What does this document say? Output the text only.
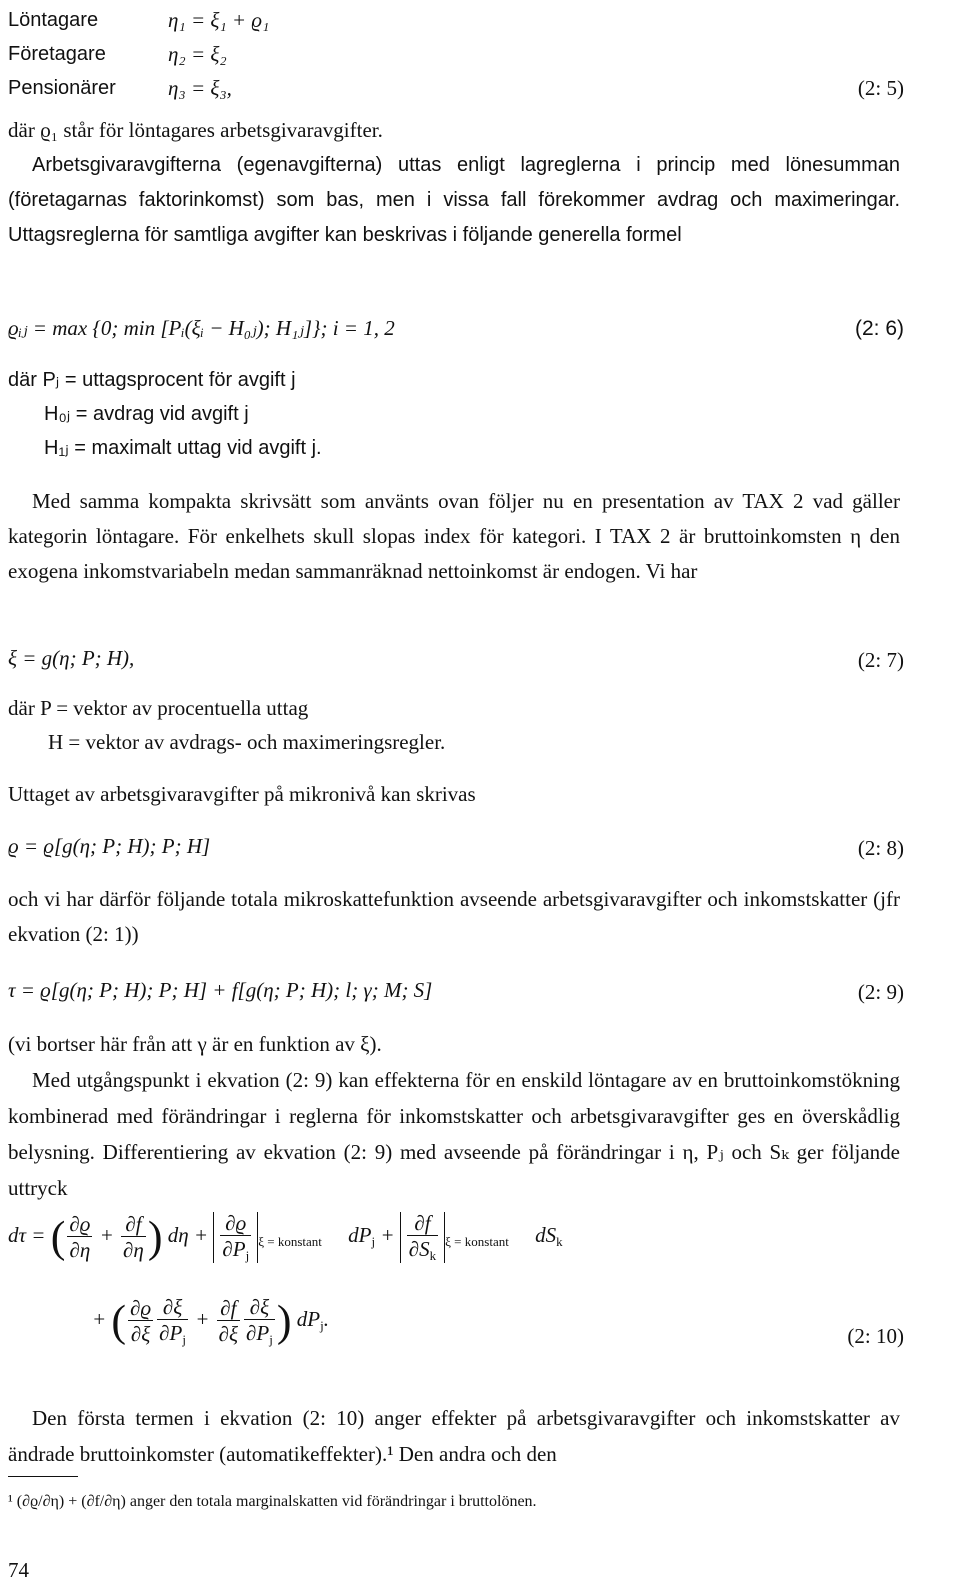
Löntagare	η₁ = ξ₁ + ϱ₁
Företagare	η₂ = ξ₂
Pensionärer η₃ = ξ₃,	(2: 5)
där ϱ₁ står för löntagares arbetsgivaravgifter.
Arbetsgivaravgifterna (egenavgifterna) uttas enligt lagreglerna i princip med lönesumman (företagarnas faktorinkomst) som bas, men i vissa fall förekommer avdrag och maximeringar. Uttagsreglerna för samtliga avgifter kan beskrivas i följande generella formel
ϱᵢⱼ = max {0; min [Pᵢ(ξᵢ − H₀ⱼ); H₁ⱼ]}; i = 1, 2	(2: 6)
där Pⱼ = uttagsprocent för avgift j
H₀ⱼ = avdrag vid avgift j
H₁ⱼ = maximalt uttag vid avgift j.
Med samma kompakta skrivsätt som använts ovan följer nu en presentation av TAX 2 vad gäller kategorin löntagare. För enkelhets skull slopas index för kategori. I TAX 2 är bruttoinkomsten η den exogena inkomstvariabeln medan sammanräknad nettoinkomst är endogen. Vi har
ξ = g(η; P; H),	(2: 7)
där P = vektor av procentuella uttag
H = vektor av avdrags- och maximeringsregler.
Uttaget av arbetsgivaravgifter på mikronivå kan skrivas
ϱ = ϱ[g(η; P; H); P; H]	(2: 8)
och vi har därför följande totala mikroskattefunktion avseende arbetsgivaravgifter och inkomstskatter (jfr ekvation (2: 1))
τ = ϱ[g(η; P; H); P; H] + f[g(η; P; H); l; γ; M; S]	(2: 9)
(vi bortser här från att γ är en funktion av ξ).
Med utgångspunkt i ekvation (2: 9) kan effekterna för en enskild löntagare av en bruttoinkomstökning kombinerad med förändringar i reglerna för inkomstskatter och arbetsgivaravgifter ges en överskådlig belysning. Differentiering av ekvation (2: 9) med avseende på förändringar i η, Pⱼ och Sₖ ger följande uttryck
dτ = ( $\frac{\partial ϱ}{\partial\eta} + \frac{\partial f}{\partial\eta}$ ) $d\eta + \frac{\partial ϱ}{\partial P_j} _{\xi = konstant}$     $dP_j + \frac{\partial f}{\partial S_k} _{\xi = konstant}$     $dS_k$
+ ( $\frac{\partial ϱ}{\partial\xi} \frac{\partial\xi}{\partial P_j} + \frac{\partial f}{\partial\xi} \frac{\partial\xi}{\partial P_j}$ ) $dP_j$.
(2: 10)
Den första termen i ekvation (2: 10) anger effekter på arbetsgivaravgifter och inkomstskatter av ändrade bruttoinkomster (automatikeffekter).¹ Den andra och den
¹ (∂ϱ/∂η) + (∂f/∂η) anger den totala marginalskatten vid förändringar i bruttolönen.
74
